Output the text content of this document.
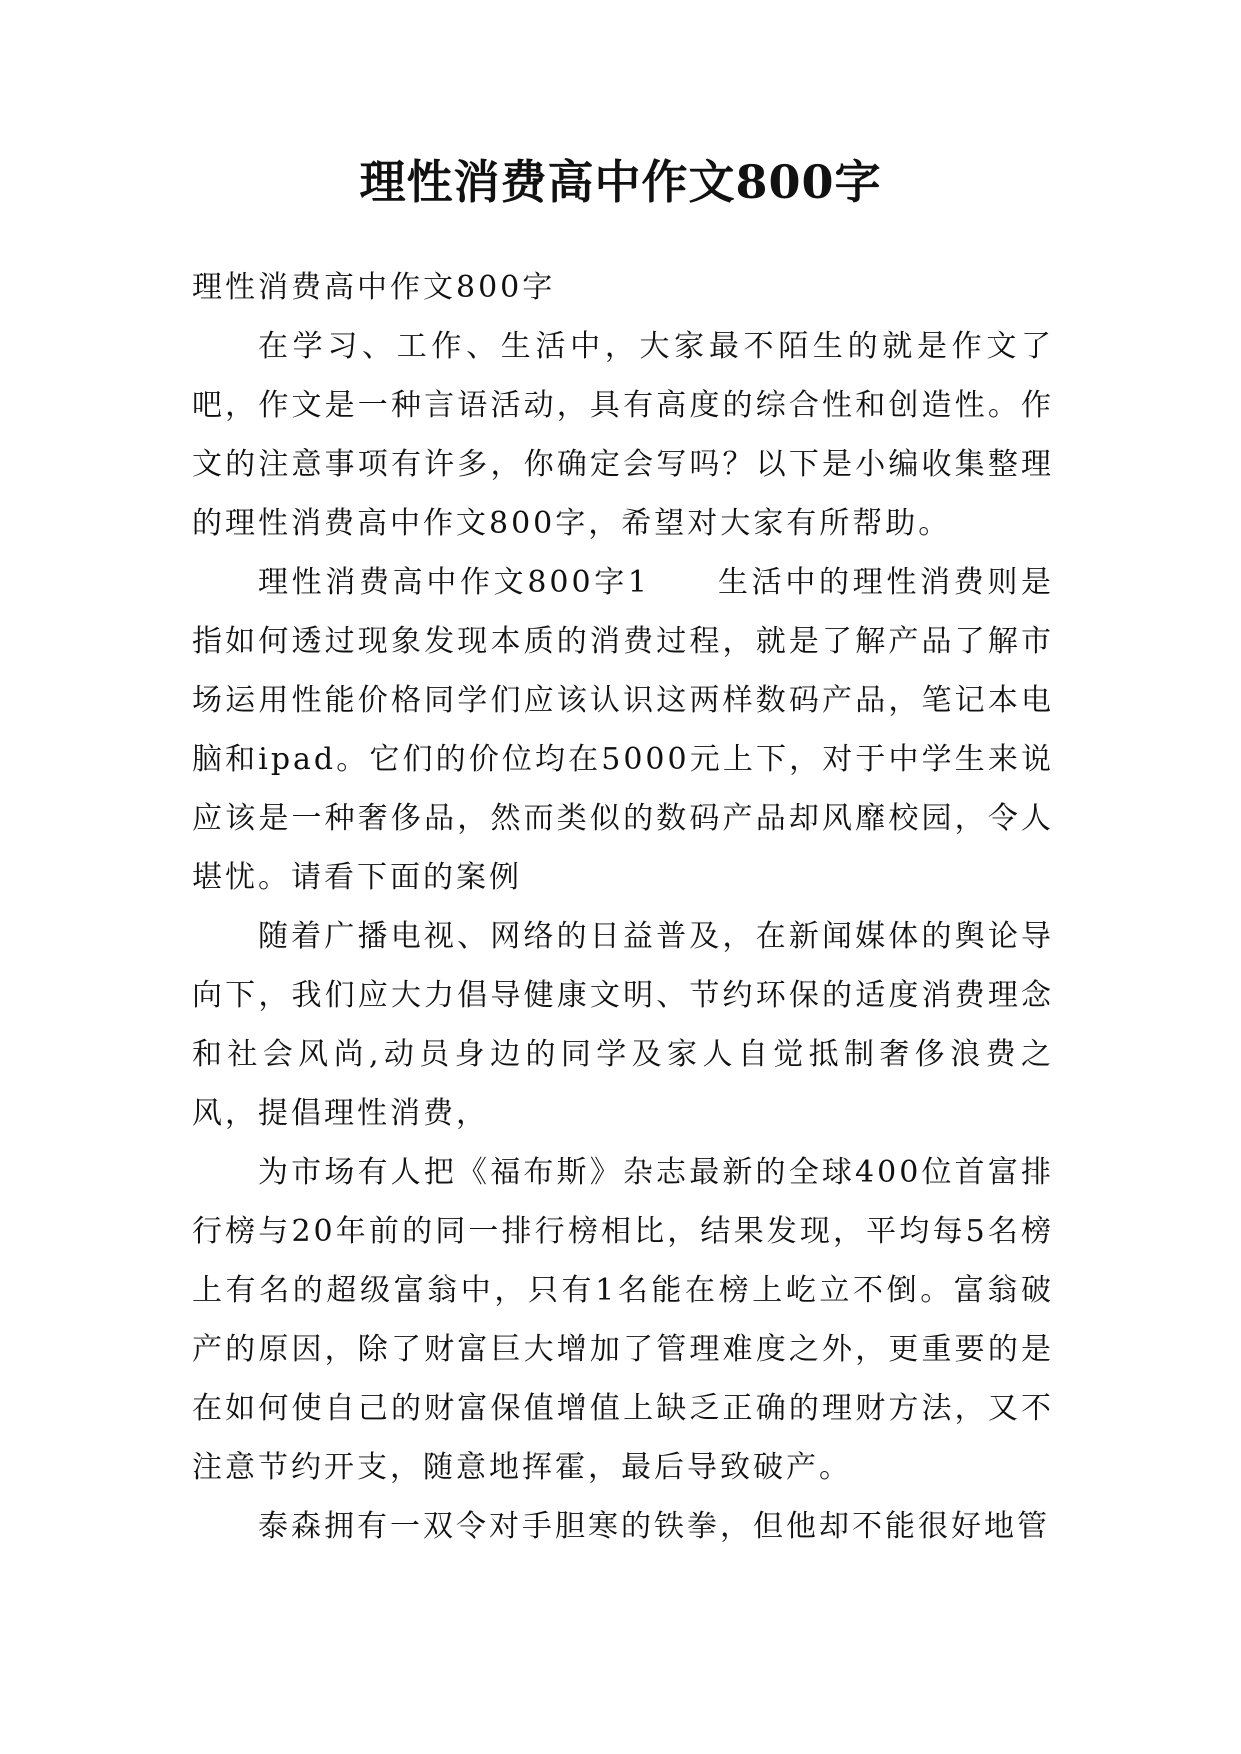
理性消费高中作文800字

理性消费高中作文800字

在学习、工作、生活中，大家最不陌生的就是作文了吧，作文是一种言语活动，具有高度的综合性和创造性。作文的注意事项有许多，你确定会写吗？以下是小编收集整理的理性消费高中作文800字，希望对大家有所帮助。

理性消费高中作文800字1　　生活中的理性消费则是指如何透过现象发现本质的消费过程，就是了解产品了解市场运用性能价格同学们应该认识这两样数码产品，笔记本电脑和ipad。它们的价位均在5000元上下，对于中学生来说应该是一种奢侈品，然而类似的数码产品却风靡校园，令人堪忧。请看下面的案例

随着广播电视、网络的日益普及，在新闻媒体的舆论导向下，我们应大力倡导健康文明、节约环保的适度消费理念和社会风尚,动员身边的同学及家人自觉抵制奢侈浪费之风，提倡理性消费，

为市场有人把《福布斯》杂志最新的全球400位首富排行榜与20年前的同一排行榜相比，结果发现，平均每5名榜上有名的超级富翁中，只有1名能在榜上屹立不倒。富翁破产的原因，除了财富巨大增加了管理难度之外，更重要的是在如何使自己的财富保值增值上缺乏正确的理财方法，又不注意节约开支，随意地挥霍，最后导致破产。

泰森拥有一双令对手胆寒的铁拳，但他却不能很好地管
